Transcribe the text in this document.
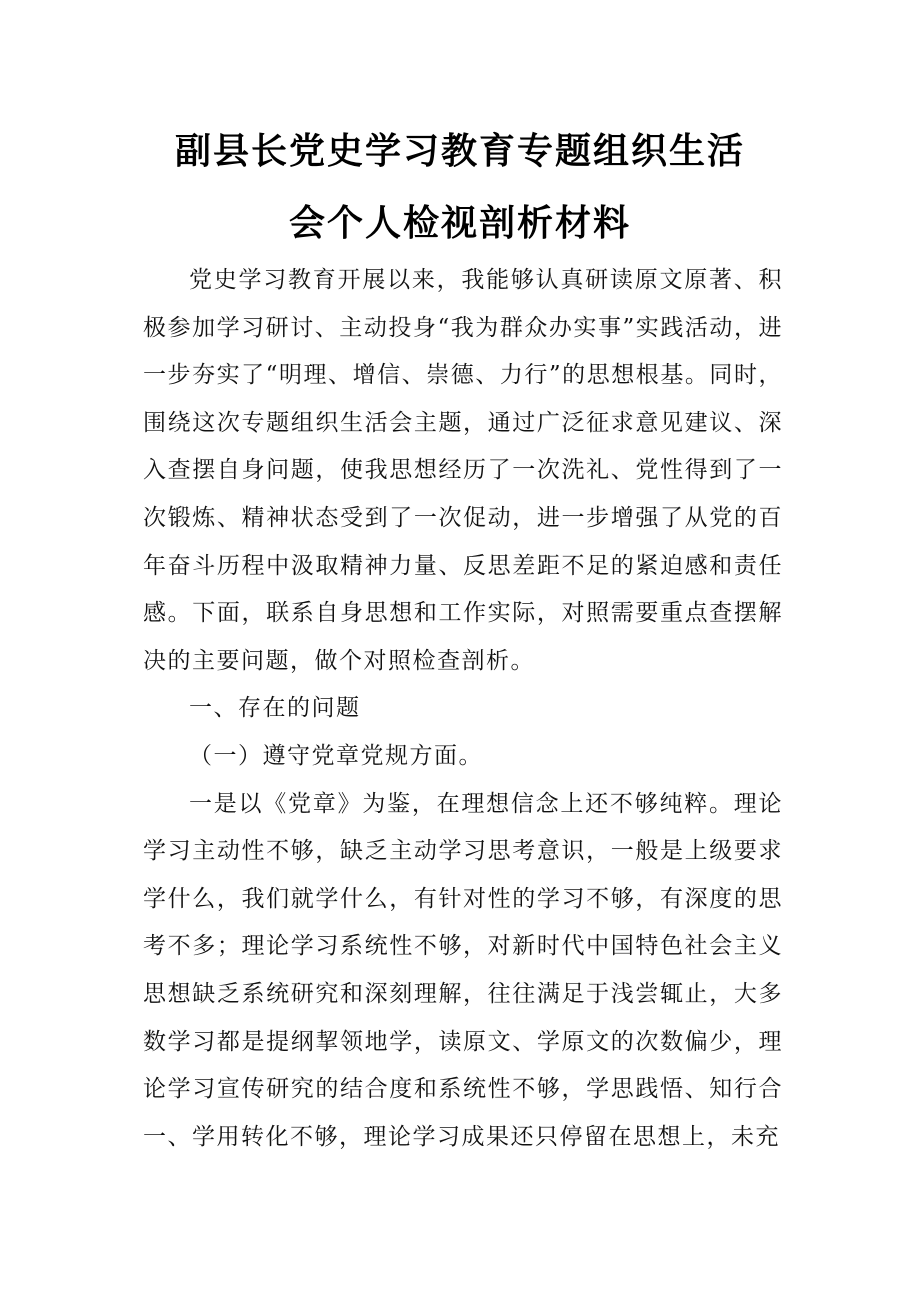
副县长党史学习教育专题组织生活
会个人检视剖析材料

党史学习教育开展以来，我能够认真研读原文原著、积极参加学习研讨、主动投身“我为群众办实事”实践活动，进一步夯实了“明理、增信、崇德、力行”的思想根基。同时，围绕这次专题组织生活会主题，通过广泛征求意见建议、深入查摆自身问题，使我思想经历了一次洗礼、党性得到了一次锻炼、精神状态受到了一次促动，进一步增强了从党的百年奋斗历程中汲取精神力量、反思差距不足的紧迫感和责任感。下面，联系自身思想和工作实际，对照需要重点查摆解决的主要问题，做个对照检查剖析。

一、存在的问题

（一）遵守党章党规方面。

一是以《党章》为鉴，在理想信念上还不够纯粹。理论学习主动性不够，缺乏主动学习思考意识，一般是上级要求学什么，我们就学什么，有针对性的学习不够，有深度的思考不多；理论学习系统性不够，对新时代中国特色社会主义思想缺乏系统研究和深刻理解，往往满足于浅尝辄止，大多数学习都是提纲挈领地学，读原文、学原文的次数偏少，理论学习宣传研究的结合度和系统性不够，学思践悟、知行合一、学用转化不够，理论学习成果还只停留在思想上，未充
